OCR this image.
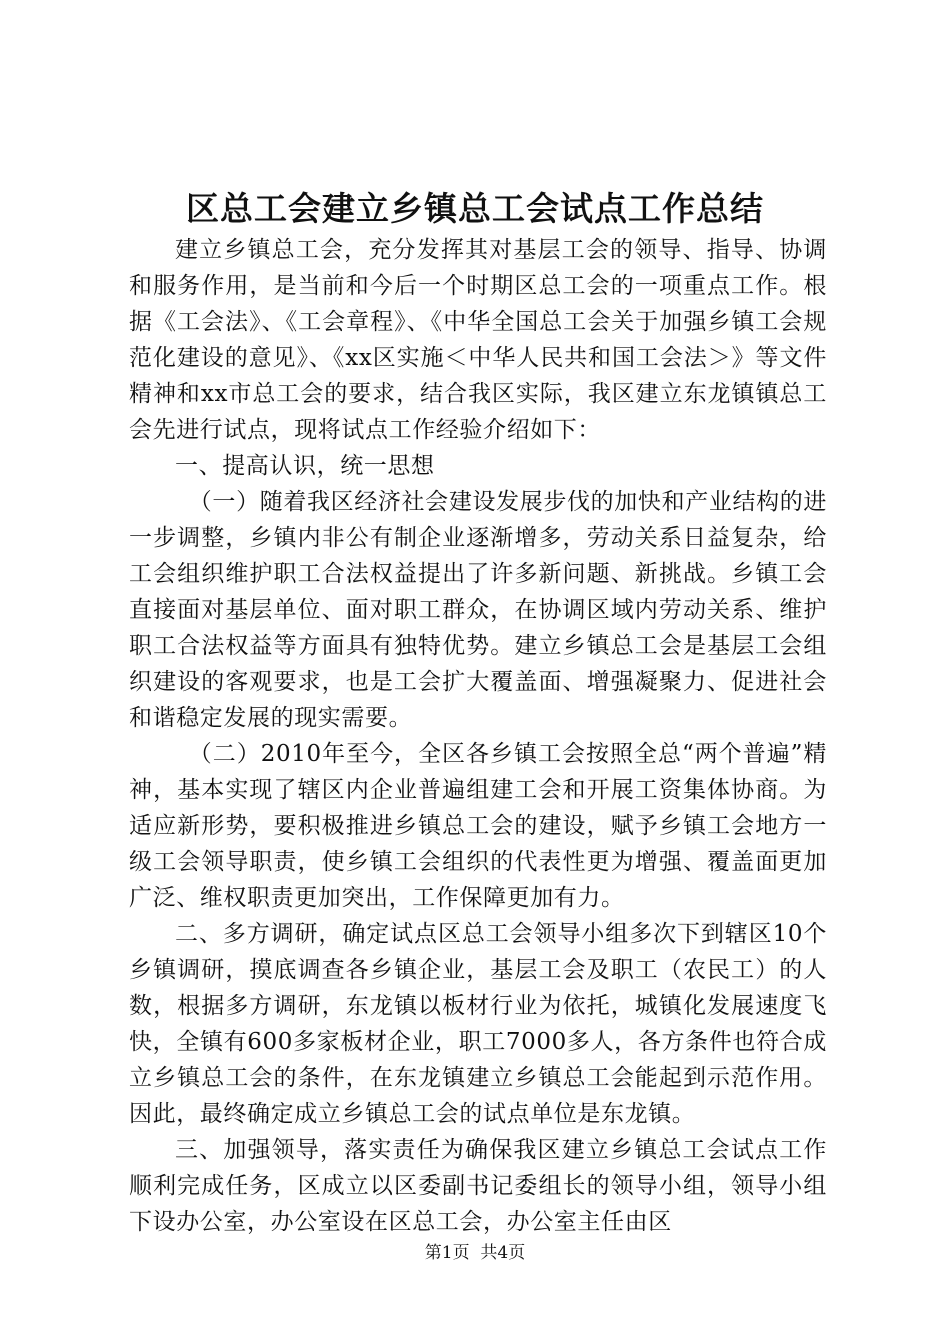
区总工会建立乡镇总工会试点工作总结

建立乡镇总工会，充分发挥其对基层工会的领导、指导、协调和服务作用，是当前和今后一个时期区总工会的一项重点工作。根据《工会法》、《工会章程》、《中华全国总工会关于加强乡镇工会规范化建设的意见》、《xx区实施＜中华人民共和国工会法＞》等文件精神和xx市总工会的要求，结合我区实际，我区建立东龙镇镇总工会先进行试点，现将试点工作经验介绍如下：

一、提高认识，统一思想

（一）随着我区经济社会建设发展步伐的加快和产业结构的进一步调整，乡镇内非公有制企业逐渐增多，劳动关系日益复杂，给工会组织维护职工合法权益提出了许多新问题、新挑战。乡镇工会直接面对基层单位、面对职工群众，在协调区域内劳动关系、维护职工合法权益等方面具有独特优势。建立乡镇总工会是基层工会组织建设的客观要求，也是工会扩大覆盖面、增强凝聚力、促进社会和谐稳定发展的现实需要。

（二）2010年至今，全区各乡镇工会按照全总“两个普遍”精神，基本实现了辖区内企业普遍组建工会和开展工资集体协商。为适应新形势，要积极推进乡镇总工会的建设，赋予乡镇工会地方一级工会领导职责，使乡镇工会组织的代表性更为增强、覆盖面更加广泛、维权职责更加突出，工作保障更加有力。

二、多方调研，确定试点区总工会领导小组多次下到辖区10个乡镇调研，摸底调查各乡镇企业，基层工会及职工（农民工）的人数，根据多方调研，东龙镇以板材行业为依托，城镇化发展速度飞快，全镇有600多家板材企业，职工7000多人，各方条件也符合成立乡镇总工会的条件，在东龙镇建立乡镇总工会能起到示范作用。因此，最终确定成立乡镇总工会的试点单位是东龙镇。

三、加强领导，落实责任为确保我区建立乡镇总工会试点工作顺利完成任务，区成立以区委副书记委组长的领导小组，领导小组下设办公室，办公室设在区总工会，办公室主任由区

第1页 共4页
